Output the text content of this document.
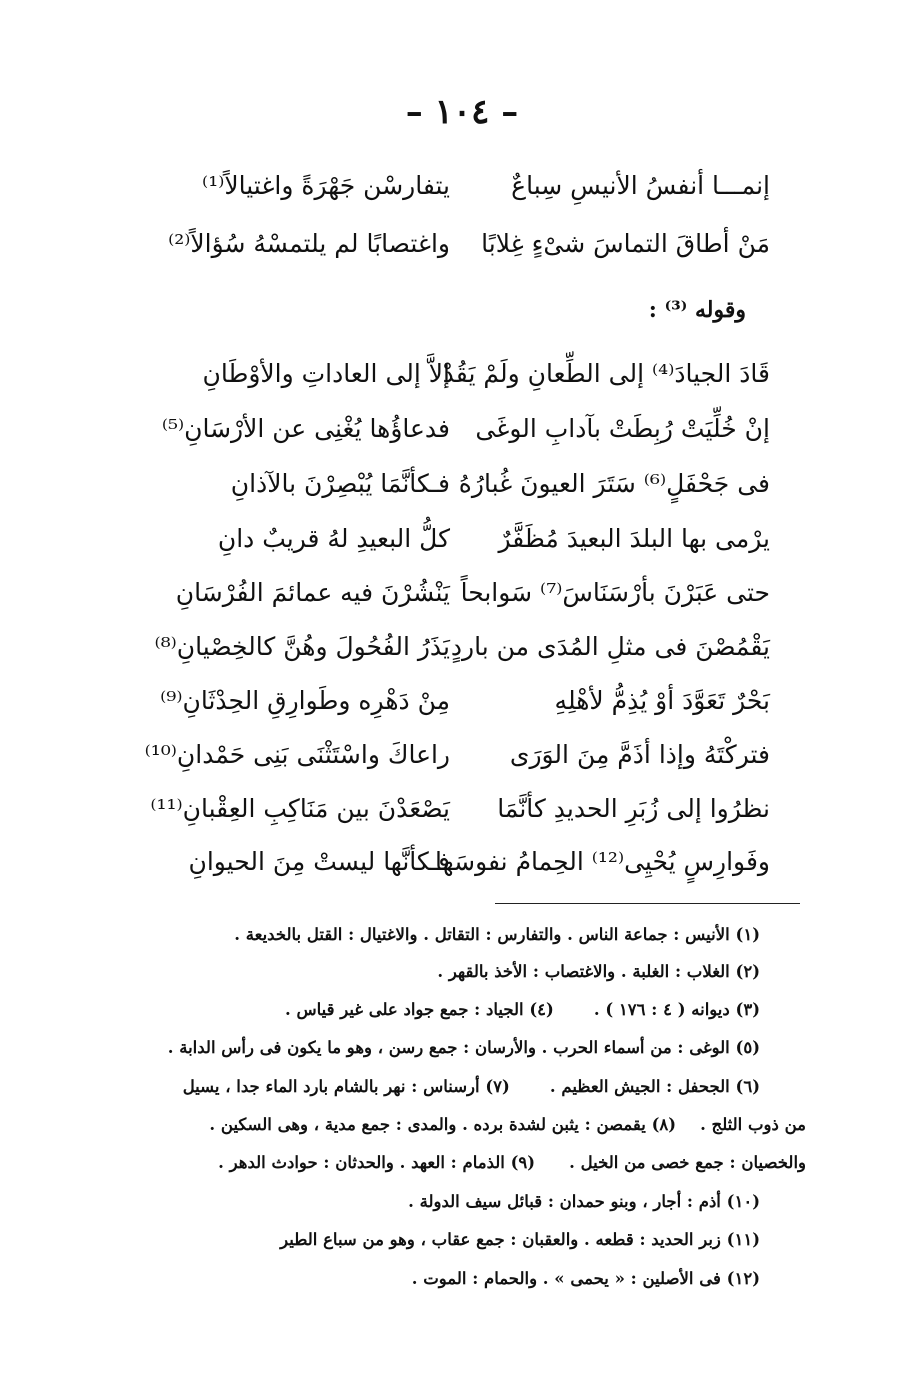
– ١٠٤ –
إنمـــا أنفسُ الأنيسِ سِباعٌ
يتفارسْن جَهْرَةً واغتيالاً⁽¹⁾
مَنْ أطاقَ التماسَ شىْءٍ غِلابًا
واغتصابًا لم يلتمسْهُ سُؤالاً⁽²⁾
وقوله ⁽³⁾ :
قَادَ الجيادَ⁽⁴⁾ إلى الطِّعانِ ولَمْ يَقُدْ
إلاَّ إلى العاداتِ والأوْطَانِ
إنْ خُلِّيَتْ رُبِطَتْ بآدابِ الوغَى
فدعاؤُها يُغْنِى عن الأرْسَانِ⁽⁵⁾
فى جَحْفَلٍ⁽⁶⁾ سَتَرَ العيونَ غُبارُهُ
فـكأنَّمَا يُبْصِرْنَ بالآذانِ
يرْمى بها البلدَ البعيدَ مُظَفَّرٌ
كلُّ البعيدِ لهُ قريبٌ دانِ
حتى عَبَرْنَ بأرْسَنَاسَ⁽⁷⁾ سَوابحاً
يَنْشُرْنَ فيه عمائمَ الفُرْسَانِ
يَقْمُصْنَ فى مثلِ المُدَى من باردٍ
يَذَرُ الفُحُولَ وهُنَّ كالخِصْيانِ⁽⁸⁾
بَحْرٌ تَعَوَّدَ أوْ يُذِمُّ لأهْلِهِ
مِنْ دَهْرِه وطَوارِقِ الحِدْثَانِ⁽⁹⁾
فتركْتَهُ وإذا أذَمَّ مِنَ الوَرَى
راعاكَ واسْتَثْنَى بَنِى حَمْدانِ⁽¹⁰⁾
نظرُوا إلى زُبَرِ الحديدِ كأنَّمَا
يَصْعَدْنَ بين مَنَاكِبِ العِقْبانِ⁽¹¹⁾
وفَوارِسٍ يُحْيِى⁽¹²⁾ الحِمامُ نفوسَها
فـكأنَّها ليستْ مِنَ الحيوانِ
(١) الأنيس : جماعة الناس . والتفارس : التقاتل . والاغتيال : القتل بالخديعة .
(٢) الغلاب : الغلبة . والاغتصاب : الأخذ بالقهر .
(٣) ديوانه ( ٤ : ١٧٦ ) .(٤) الجياد : جمع جواد على غير قياس .
(٥) الوغى : من أسماء الحرب . والأرسان : جمع رسن ، وهو ما يكون فى رأس الدابة .
(٦) الجحفل : الجيش العظيم .(٧) أرسناس : نهر بالشام بارد الماء جدا ، يسيل
من ذوب الثلج .(٨) يقمصن : يثبن لشدة برده . والمدى : جمع مدية ، وهى السكين .
والخصيان : جمع خصى من الخيل .(٩) الذمام : العهد . والحدثان : حوادث الدهر .
(١٠) أذم : أجار ، وبنو حمدان : قبائل سيف الدولة .
(١١) زبر الحديد : قطعه . والعقبان : جمع عقاب ، وهو من سباع الطير
(١٢) فى الأصلين : « يحمى » . والحمام : الموت .
